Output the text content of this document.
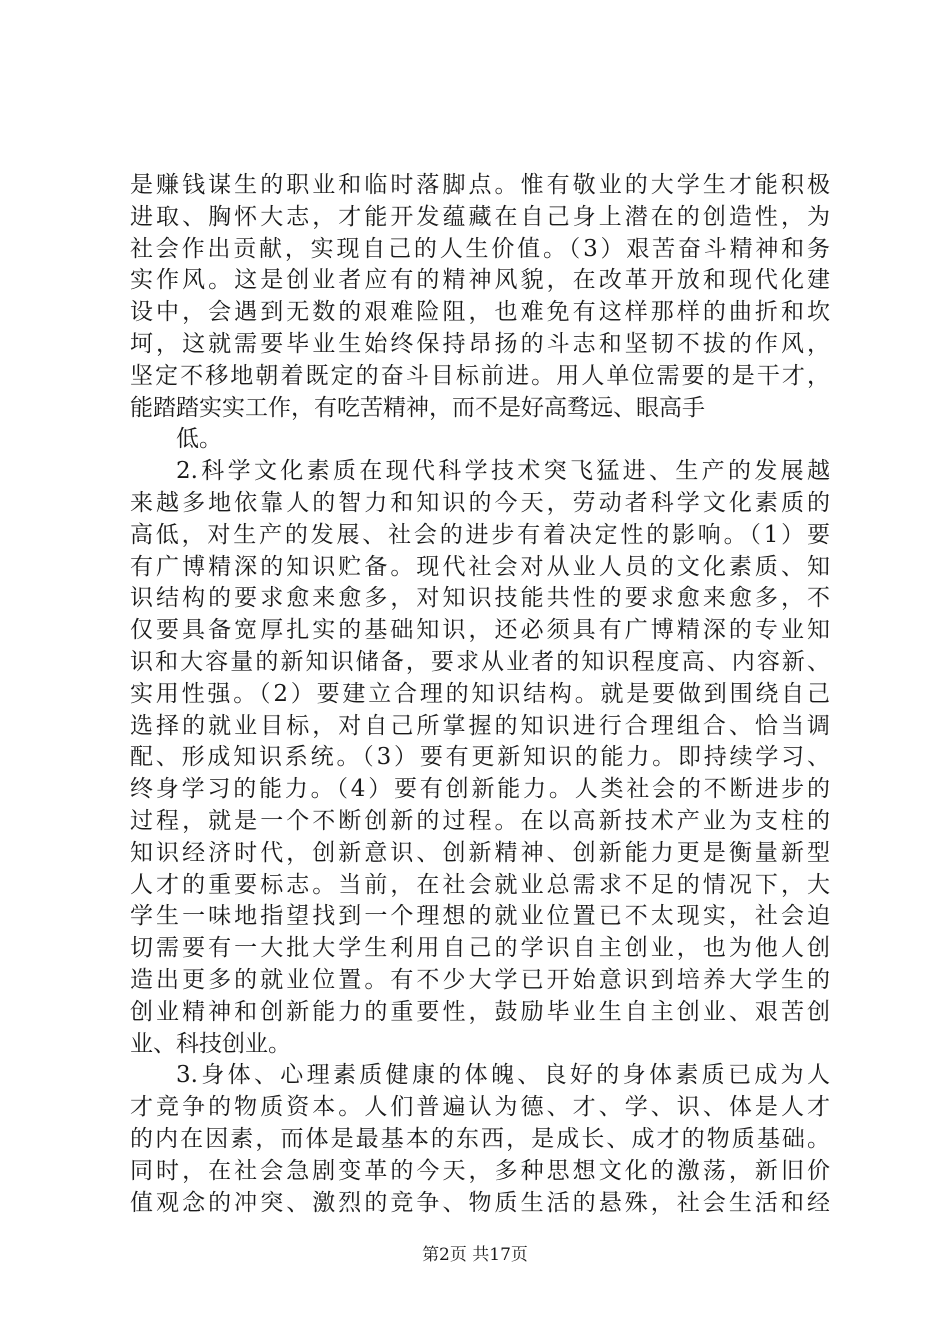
是赚钱谋生的职业和临时落脚点。惟有敬业的大学生才能积极
进取、胸怀大志，才能开发蕴藏在自己身上潜在的创造性，为
社会作出贡献，实现自己的人生价值。（3）艰苦奋斗精神和务
实作风。这是创业者应有的精神风貌，在改革开放和现代化建
设中，会遇到无数的艰难险阻，也难免有这样那样的曲折和坎
坷，这就需要毕业生始终保持昂扬的斗志和坚韧不拔的作风，
坚定不移地朝着既定的奋斗目标前进。用人单位需要的是干才，
能踏踏实实工作，有吃苦精神，而不是好高骛远、眼高手
低。
2.科学文化素质在现代科学技术突飞猛进、生产的发展越
来越多地依靠人的智力和知识的今天，劳动者科学文化素质的
高低，对生产的发展、社会的进步有着决定性的影响。（1）要
有广博精深的知识贮备。现代社会对从业人员的文化素质、知
识结构的要求愈来愈多，对知识技能共性的要求愈来愈多，不
仅要具备宽厚扎实的基础知识，还必须具有广博精深的专业知
识和大容量的新知识储备，要求从业者的知识程度高、内容新、
实用性强。（2）要建立合理的知识结构。就是要做到围绕自己
选择的就业目标，对自己所掌握的知识进行合理组合、恰当调
配、形成知识系统。（3）要有更新知识的能力。即持续学习、
终身学习的能力。（4）要有创新能力。人类社会的不断进步的
过程，就是一个不断创新的过程。在以高新技术产业为支柱的
知识经济时代，创新意识、创新精神、创新能力更是衡量新型
人才的重要标志。当前，在社会就业总需求不足的情况下，大
学生一味地指望找到一个理想的就业位置已不太现实，社会迫
切需要有一大批大学生利用自己的学识自主创业，也为他人创
造出更多的就业位置。有不少大学已开始意识到培养大学生的
创业精神和创新能力的重要性，鼓励毕业生自主创业、艰苦创
业、科技创业。
3.身体、心理素质健康的体魄、良好的身体素质已成为人
才竞争的物质资本。人们普遍认为德、才、学、识、体是人才
的内在因素，而体是最基本的东西，是成长、成才的物质基础。
同时，在社会急剧变革的今天，多种思想文化的激荡，新旧价
值观念的冲突、激烈的竞争、物质生活的悬殊，社会生活和经
第2页 共17页
